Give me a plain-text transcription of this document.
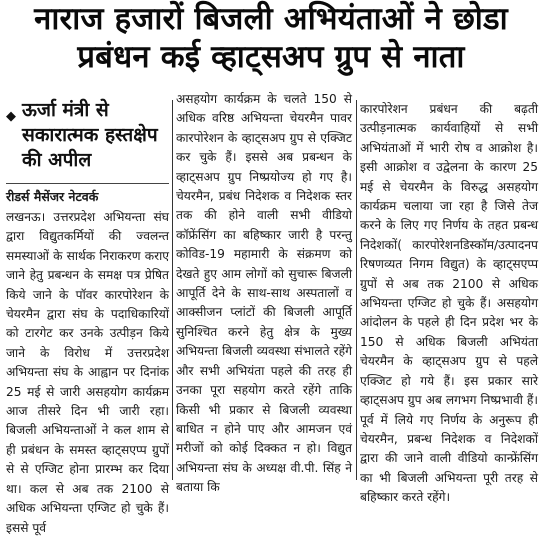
नाराज हजारों बिजली अभियंताओं ने छोडा
प्रबंधन कई व्हाट्सअप ग्रुप से नाता
◆ ऊर्जा मंत्री से सकारात्मक हस्तक्षेप की अपील
रीडर्स मैसेंजर नेटवर्क

लखनऊ। उत्तरप्रदेश अभियन्ता संघ द्वारा विद्युतकर्मियों की ज्वलन्त समस्याओं के सार्थक निराकरण कराए जाने हेतु प्रबन्धन के समक्ष पत्र प्रेषित किये जाने के पॉवर कारपोरेशन के चेयरमैन द्वारा संघ के पदाधिकारियों को टारगेट कर उनके उत्पीड़न किये जाने के विरोध में उत्तरप्रदेश अभियन्ता संघ के आह्वान पर दिनांक 25 मई से जारी असहयोग कार्यक्रम आज तीसरे दिन भी जारी रहा। बिजली अभियन्ताओं ने कल शाम से ही प्रबंधन के समस्त व्हाट्सएप्प ग्रुपों से से एग्जिट होना प्रारम्भ कर दिया था। कल से अब तक 2100 से अधिक अभियन्ता एग्जिट हो चुके हैं। इससे पूर्व

असहयोग कार्यक्रम के चलते 150 से अधिक वरिष्ठ अभियन्ता चेयरमैन पावर कारपोरेशन के व्हाट्सअप ग्रुप से एक्जिट कर चुके हैं। इससे अब प्रबन्धन के व्हाट्सअप ग्रुप निष्प्रयोज्य हो गए है। चेयरमैन, प्रबंध निदेशक व निदेशक स्तर तक की होने वाली सभी वीडियो कॉफ्रेंसिंग का बहिष्कार जारी है परन्तु कोविड-19 महामारी के संक्रमण को देखते हुए आम लोगों को सुचारू बिजली आपूर्ति देने के साथ-साथ अस्पतालों व आक्सीजन प्लांटों की बिजली आपूर्ति सुनिश्चित करने हेतु क्षेत्र के मुख्य अभियन्ता बिजली व्यवस्था संभालते रहेंगे और सभी अभियंता पहले की तरह ही उनका पूरा सहयोग करते रहेंगे ताकि किसी भी प्रकार से बिजली व्यवस्था बाधित न होने पाए और आमजन एवं मरीजों को कोई दिक्कत न हो। विद्युत अभियन्ता संघ के अध्यक्ष वी.पी. सिंह ने बताया कि

कारपोरेशन प्रबंधन की बढ़ती उत्पीड़नात्मक कार्यवाहियों से सभी अभियंताओं में भारी रोष व आक्रोश है। इसी आक्रोश व उद्वेलना के कारण 25 मई से चेयरमैन के विरुद्ध असहयोग कार्यक्रम चलाया जा रहा है जिसे तेज करने के लिए गए निर्णय के तहत प्रबन्ध निदेशकों( कारपोरेशनडिस्कॉम/उत्पादनप रिषणव्यत निगम विद्युत) के व्हाट्सएप्प ग्रुपों से अब तक 2100 से अधिक अभियन्ता एग्जिट हो चुके हैं। असहयोग आंदोलन के पहले ही दिन प्रदेश भर के 150 से अधिक बिजली अभियंता चेयरमैन के व्हाट्सअप ग्रुप से पहले एक्जिट हो गये हैं। इस प्रकार सारे व्हाट्सअप ग्रुप अब लगभग निष्प्रभावी हैं। पूर्व में लिये गए निर्णय के अनुरूप ही चेयरमैन, प्रबन्ध निदेशक व निदेशकों द्वारा की जाने वाली वीडियो कान्फ्रेंसिंग का भी बिजली अभियन्ता पूरी तरह से बहिष्कार करते रहेंगे।
